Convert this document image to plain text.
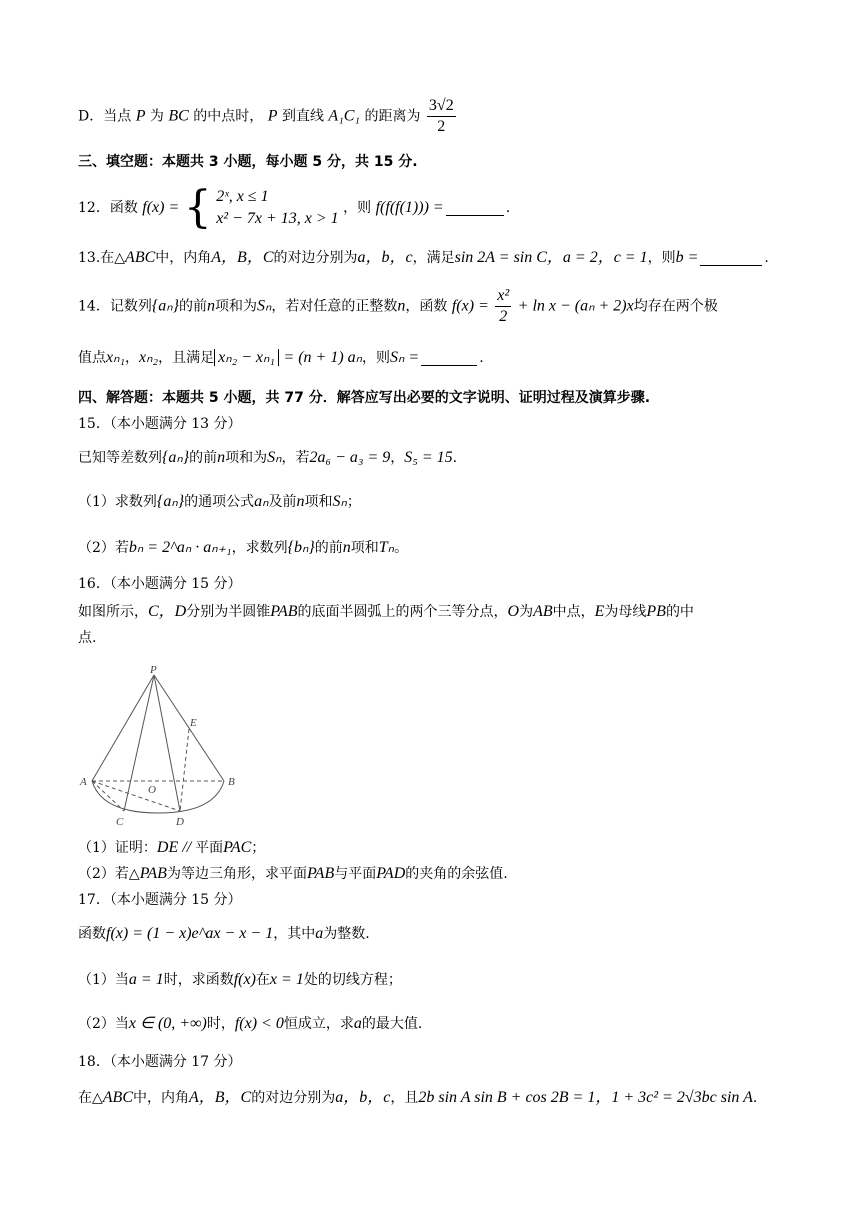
D．当点 P 为 BC 的中点时， P 到直线 A₁C₁ 的距离为 $\frac{3√2}{2}$
三、填空题：本题共 3 小题，每小题 5 分，共 15 分.
12．函数 f(x) = { 2ˣ, x ≤ 1
x² − 7x + 13, x > 1
，则 f(f(f(1))) =	.
13.在△ABC中，内角A，B，C的对边分别为a，b，c，满足sin 2A = sin C，a = 2，c = 1，则b =	.
14．记数列{aₙ}的前n项和为Sₙ，若对任意的正整数n，函数 $f(x) = \frac{\text{x²}}{2} + \ln x - (a_n + 2)x$均存在两个极
值点xₙ₁，xₙ₂，且满足 xₙ₂ − xₙ₁ = (n + 1) aₙ，则Sₙ =	.
四、解答题：本题共 5 小题，共 77 分．解答应写出必要的文字说明、证明过程及演算步骤.
15．（本小题满分 13 分）
已知等差数列{aₙ}的前n项和为Sₙ，若2a₆ − a₃ = 9，S₅ = 15.
（1）求数列{aₙ}的通项公式aₙ及前n项和Sₙ；
（2）若bₙ = 2^aₙ · aₙ₊₁，求数列{bₙ}的前n项和Tₙ。
16．（本小题满分 15 分）
如图所示，C，D分别为半圆锥PAB的底面半圆弧上的两个三等分点，O为AB中点，E为母线PB的中
点.
P
E
A	B
O
C	D
（1）证明：DE // 平面PAC；
（2）若△PAB为等边三角形，求平面PAB与平面PAD的夹角的余弦值.
17．（本小题满分 15 分）
函数f(x) = (1 − x)e^ax − x − 1，其中a为整数.
（1）当a = 1时，求函数f(x)在x = 1处的切线方程；
（2）当x ∈ (0, +∞)时，f(x) < 0恒成立，求a的最大值.
18．（本小题满分 17 分）
在△ABC中，内角A，B，C的对边分别为a，b，c，且2b sin A sin B + cos 2B = 1，1 + 3c² = 2√3bc sin A.
